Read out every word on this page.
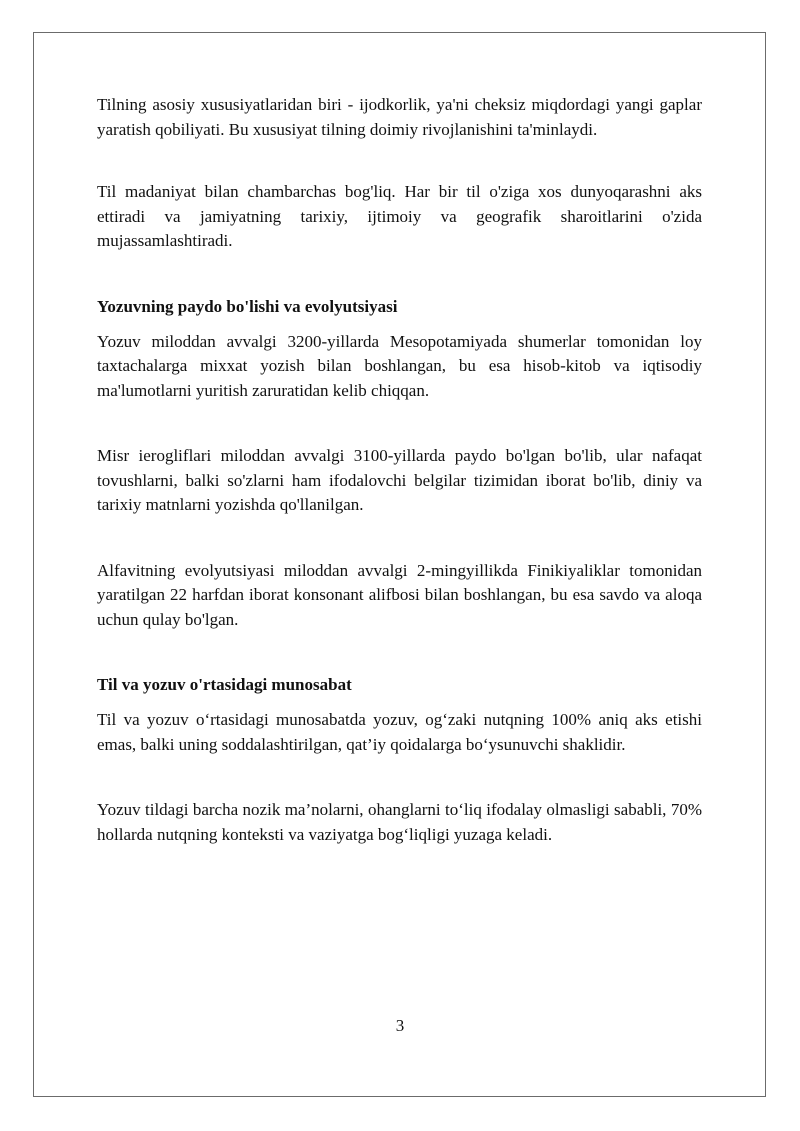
Tilning asosiy xususiyatlaridan biri - ijodkorlik, ya'ni cheksiz miqdordagi yangi gaplar yaratish qobiliyati. Bu xususiyat tilning doimiy rivojlanishini ta'minlaydi.

Til madaniyat bilan chambarchas bog'liq. Har bir til o'ziga xos dunyoqarashni aks ettiradi va jamiyatning tarixiy, ijtimoiy va geografik sharoitlarini o'zida mujassamlashtiradi.

Yozuvning paydo bo'lishi va evolyutsiyasi

Yozuv miloddan avvalgi 3200-yillarda Mesopotamiyada shumerlar tomonidan loy taxtachalarga mixxat yozish bilan boshlangan, bu esa hisob-kitob va iqtisodiy ma'lumotlarni yuritish zaruratidan kelib chiqqan.

Misr ierogliflari miloddan avvalgi 3100-yillarda paydo bo'lgan bo'lib, ular nafaqat tovushlarni, balki so'zlarni ham ifodalovchi belgilar tizimidan iborat bo'lib, diniy va tarixiy matnlarni yozishda qo'llanilgan.

Alfavitning evolyutsiyasi miloddan avvalgi 2-mingyillikda Finikiyaliklar tomonidan yaratilgan 22 harfdan iborat konsonant alifbosi bilan boshlangan, bu esa savdo va aloqa uchun qulay bo'lgan.

Til va yozuv o'rtasidagi munosabat

Til va yozuv o‘rtasidagi munosabatda yozuv, og‘zaki nutqning 100% aniq aks etishi emas, balki uning soddalashtirilgan, qat’iy qoidalarga bo‘ysunuvchi shaklidir.

Yozuv tildagi barcha nozik ma’nolarni, ohanglarni to‘liq ifodalay olmasligi sababli, 70% hollarda nutqning konteksti va vaziyatga bog‘liqligi yuzaga keladi.

3
